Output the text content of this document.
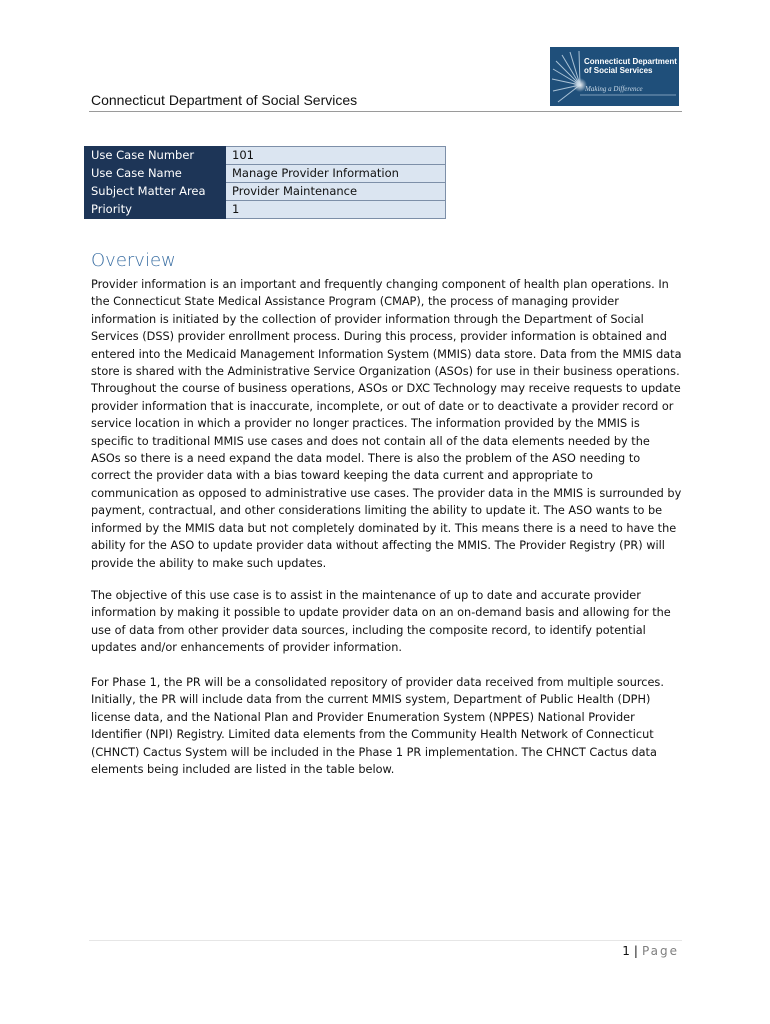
Connecticut Department of Social Services
Connecticut Department
of Social Services
Making a Difference
Use Case Number	101
Use Case Name	Manage Provider Information
Subject Matter Area	Provider Maintenance
Priority	1
Overview

Provider information is an important and frequently changing component of health plan operations. In the Connecticut State Medical Assistance Program (CMAP), the process of managing provider information is initiated by the collection of provider information through the Department of Social Services (DSS) provider enrollment process. During this process, provider information is obtained and entered into the Medicaid Management Information System (MMIS) data store. Data from the MMIS data store is shared with the Administrative Service Organization (ASOs) for use in their business operations. Throughout the course of business operations, ASOs or DXC Technology may receive requests to update provider information that is inaccurate, incomplete, or out of date or to deactivate a provider record or service location in which a provider no longer practices. The information provided by the MMIS is specific to traditional MMIS use cases and does not contain all of the data elements needed by the ASOs so there is a need expand the data model. There is also the problem of the ASO needing to correct the provider data with a bias toward keeping the data current and appropriate to communication as opposed to administrative use cases. The provider data in the MMIS is surrounded by payment, contractual, and other considerations limiting the ability to update it. The ASO wants to be informed by the MMIS data but not completely dominated by it. This means there is a need to have the ability for the ASO to update provider data without affecting the MMIS. The Provider Registry (PR) will provide the ability to make such updates.

The objective of this use case is to assist in the maintenance of up to date and accurate provider information by making it possible to update provider data on an on-demand basis and allowing for the use of data from other provider data sources, including the composite record, to identify potential updates and/or enhancements of provider information.

For Phase 1, the PR will be a consolidated repository of provider data received from multiple sources. Initially, the PR will include data from the current MMIS system, Department of Public Health (DPH) license data, and the National Plan and Provider Enumeration System (NPPES) National Provider Identifier (NPI) Registry. Limited data elements from the Community Health Network of Connecticut (CHNCT) Cactus System will be included in the Phase 1 PR implementation. The CHNCT Cactus data elements being included are listed in the table below.

1 | Page
